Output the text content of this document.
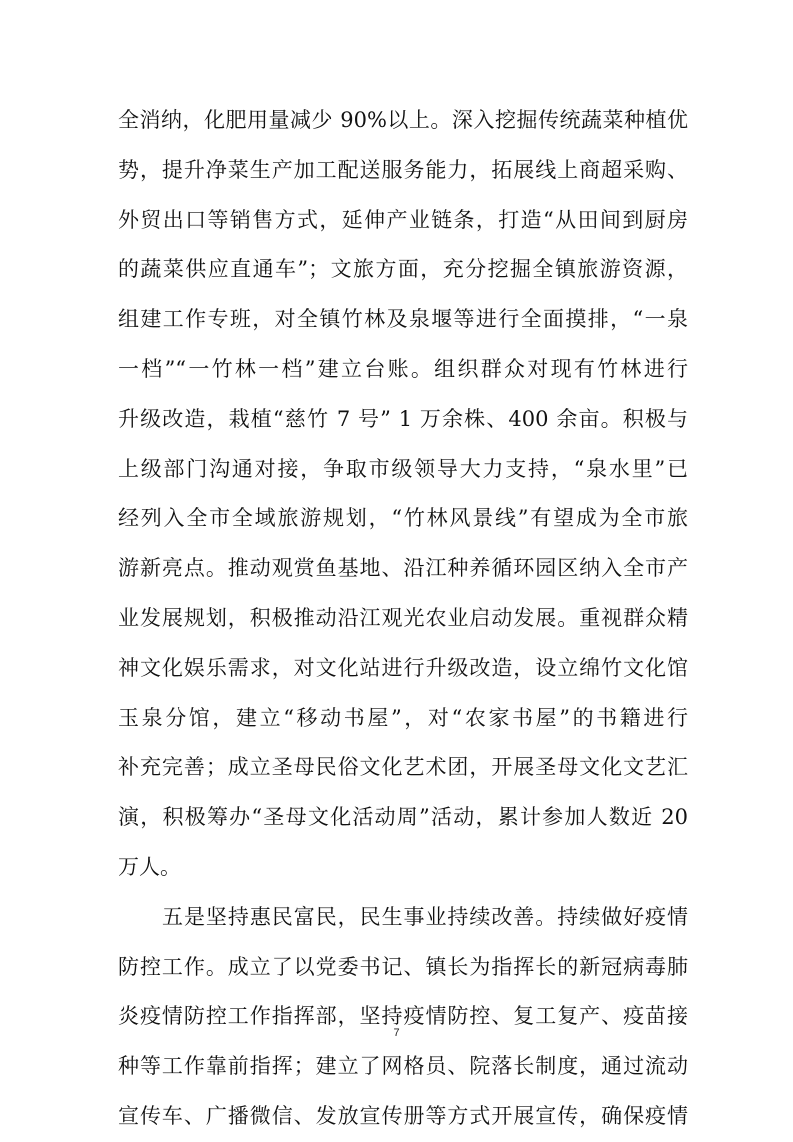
全消纳，化肥用量减少 90%以上。深入挖掘传统蔬菜种植优
势，提升净菜生产加工配送服务能力，拓展线上商超采购、
外贸出口等销售方式，延伸产业链条，打造“从田间到厨房
的蔬菜供应直通车”；文旅方面，充分挖掘全镇旅游资源，
组建工作专班，对全镇竹林及泉堰等进行全面摸排，“一泉
一档”“一竹林一档”建立台账。组织群众对现有竹林进行
升级改造，栽植“慈竹 7 号” 1 万余株、400 余亩。积极与
上级部门沟通对接，争取市级领导大力支持，“泉水里”已
经列入全市全域旅游规划，“竹林风景线”有望成为全市旅
游新亮点。推动观赏鱼基地、沿江种养循环园区纳入全市产
业发展规划，积极推动沿江观光农业启动发展。重视群众精
神文化娱乐需求，对文化站进行升级改造，设立绵竹文化馆
玉泉分馆，建立“移动书屋”，对“农家书屋”的书籍进行
补充完善；成立圣母民俗文化艺术团，开展圣母文化文艺汇
演，积极筹办“圣母文化活动周”活动，累计参加人数近 20
万人。
五是坚持惠民富民，民生事业持续改善。持续做好疫情
防控工作。成立了以党委书记、镇长为指挥长的新冠病毒肺
炎疫情防控工作指挥部，坚持疫情防控、复工复产、疫苗接
种等工作靠前指挥；建立了网格员、院落长制度，通过流动
宣传车、广播微信、发放宣传册等方式开展宣传，确保疫情
7
